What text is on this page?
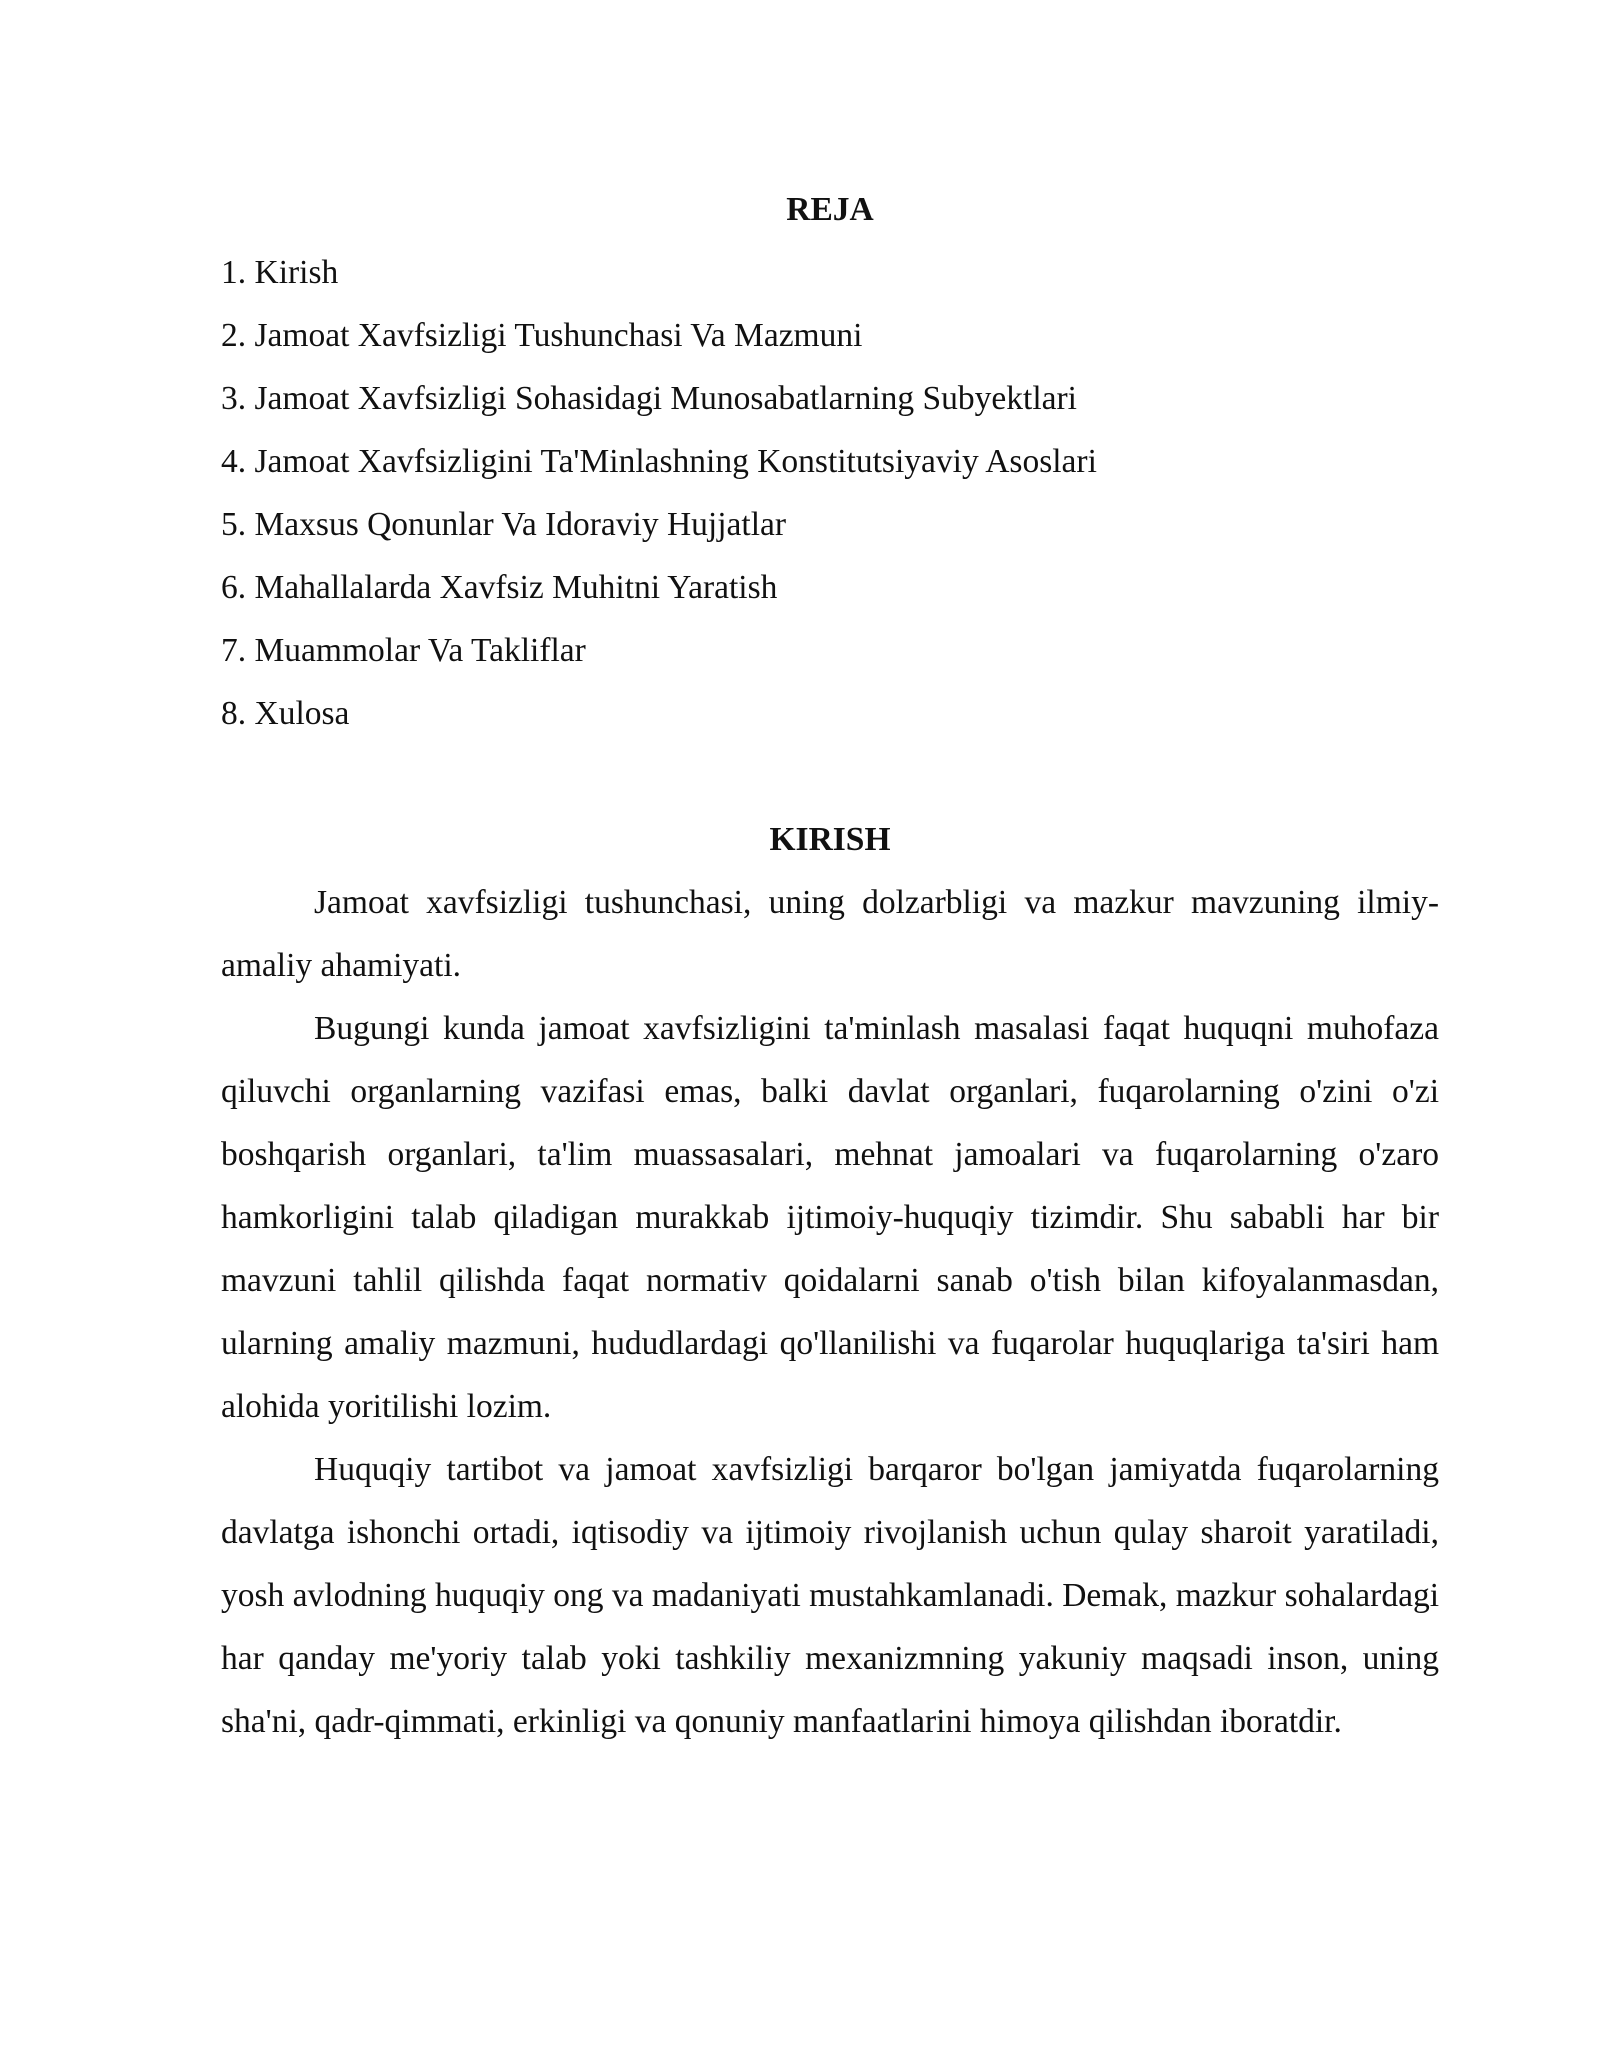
REJA
1. Kirish
2. Jamoat Xavfsizligi Tushunchasi Va Mazmuni
3. Jamoat Xavfsizligi Sohasidagi Munosabatlarning Subyektlari
4. Jamoat Xavfsizligini Ta'Minlashning Konstitutsiyaviy Asoslari
5. Maxsus Qonunlar Va Idoraviy Hujjatlar
6. Mahallalarda Xavfsiz Muhitni Yaratish
7. Muammolar Va Takliflar
8. Xulosa
KIRISH

Jamoat xavfsizligi tushunchasi, uning dolzarbligi va mazkur mavzuning ilmiy-amaliy ahamiyati.

Bugungi kunda jamoat xavfsizligini ta'minlash masalasi faqat huquqni muhofaza qiluvchi organlarning vazifasi emas, balki davlat organlari, fuqarolarning o'zini o'zi boshqarish organlari, ta'lim muassasalari, mehnat jamoalari va fuqarolarning o'zaro hamkorligini talab qiladigan murakkab ijtimoiy-huquqiy tizimdir. Shu sababli har bir mavzuni tahlil qilishda faqat normativ qoidalarni sanab o'tish bilan kifoyalanmasdan, ularning amaliy mazmuni, hududlardagi qo'llanilishi va fuqarolar huquqlariga ta'siri ham alohida yoritilishi lozim.

Huquqiy tartibot va jamoat xavfsizligi barqaror bo'lgan jamiyatda fuqarolarning davlatga ishonchi ortadi, iqtisodiy va ijtimoiy rivojlanish uchun qulay sharoit yaratiladi, yosh avlodning huquqiy ong va madaniyati mustahkamlanadi. Demak, mazkur sohalardagi har qanday me'yoriy talab yoki tashkiliy mexanizmning yakuniy maqsadi inson, uning sha'ni, qadr-qimmati, erkinligi va qonuniy manfaatlarini himoya qilishdan iboratdir.
